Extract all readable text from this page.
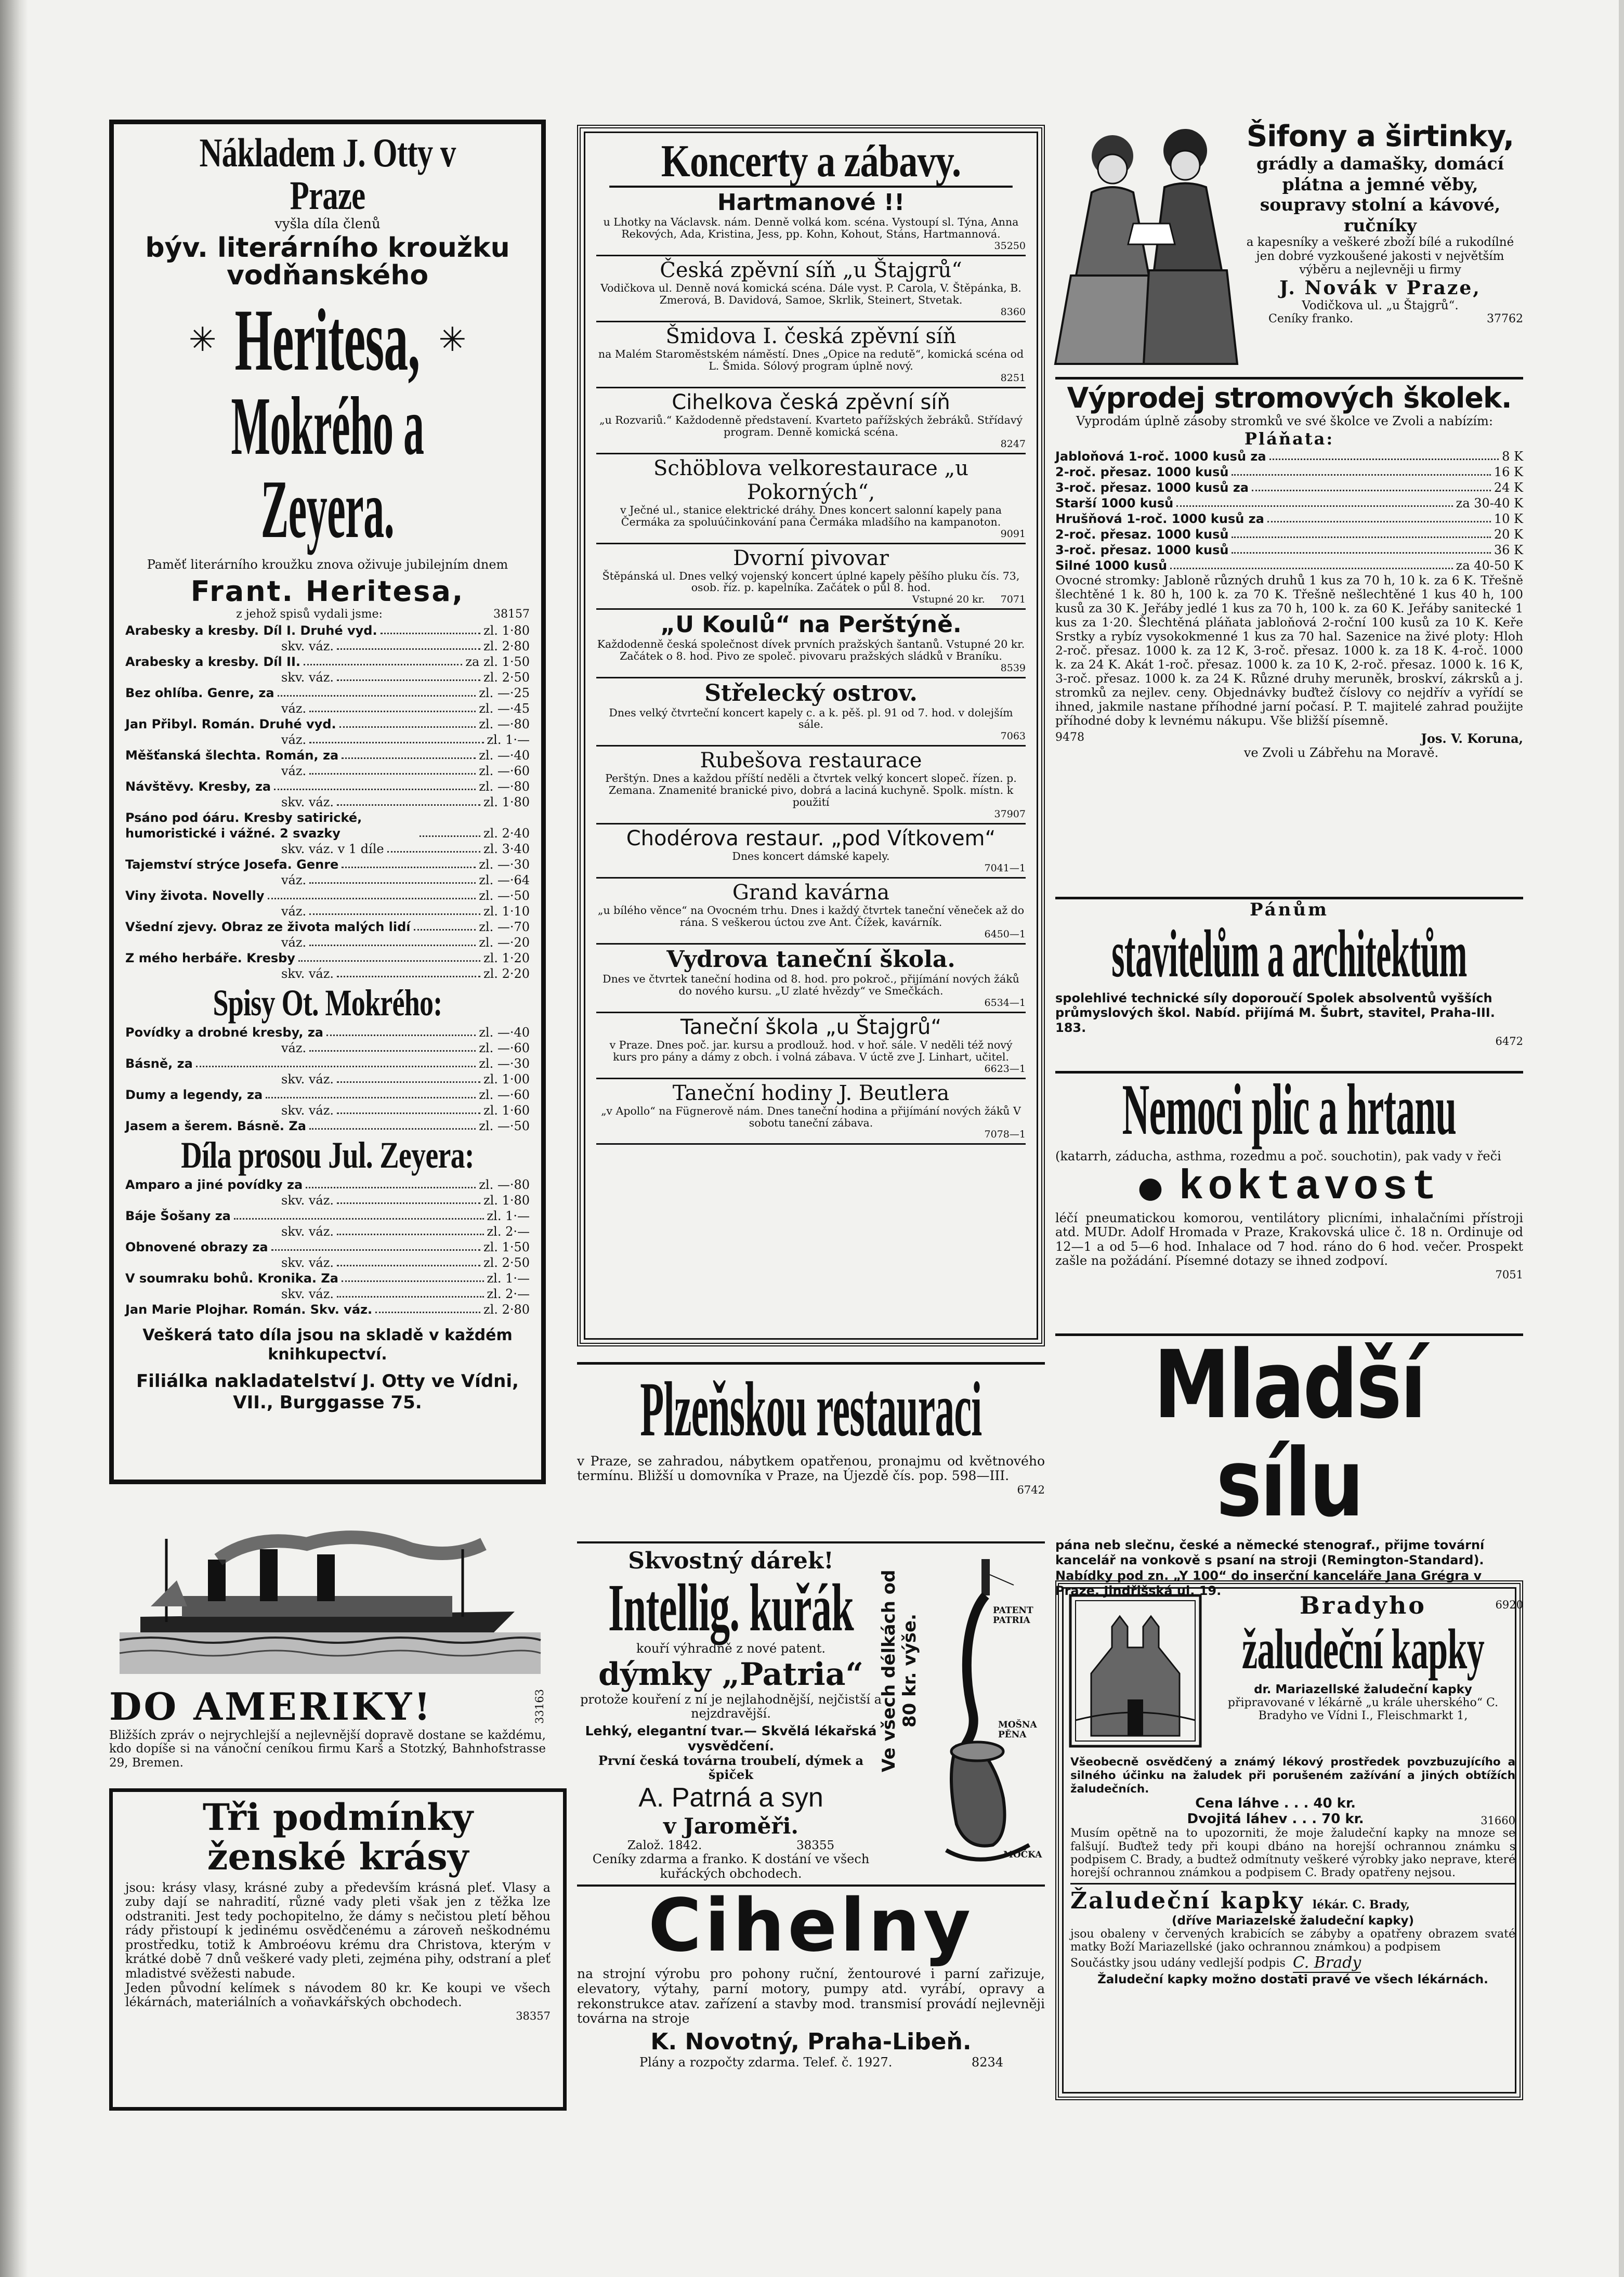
Nákladem J. Otty v Praze
vyšla díla členů
býv. literárního kroužku vodňanského
✳ Heritesa, ✳
Mokrého a Zeyera.
Paměť literárního kroužku znova oživuje jubilejním dnem
Frant. Heritesa,
z jehož spisů vydali jsme:	38157
Arabesky a kresby. Díl I. Druhé vyd.	zl. 1·80
skv. váz.	zl. 2·80
Arabesky a kresby. Díl II.	za zl. 1·50
skv. váz.	zl. 2·50
Bez ohlíba. Genre, za	zl. —·25
váz.	zl. —·45
Jan Přibyl. Román. Druhé vyd.	zl. —·80
váz.	zl. 1·—
Měšťanská šlechta. Román, za	zl. —·40
váz.	zl. —·60
Návštěvy. Kresby, za	zl. —·80
skv. váz.	zl. 1·80
Psáno pod óáru. Kresby satirické, humoristické i vážné. 2 svazky	zl. 2·40
skv. váz. v 1 díle	zl. 3·40
Tajemství strýce Josefa. Genre	zl. —·30
váz.	zl. —·64
Viny života. Novelly	zl. —·50
váz.	zl. 1·10
Všední zjevy. Obraz ze života malých lidí	zl. —·70
váz.	zl. —·20
Z mého herbáře. Kresby	zl. 1·20
skv. váz.	zl. 2·20
Spisy Ot. Mokrého:
Povídky a drobné kresby, za	zl. —·40
váz.	zl. —·60
Básně, za	zl. —·30
skv. váz.	zl. 1·00
Dumy a legendy, za	zl. —·60
skv. váz.	zl. 1·60
Jasem a šerem. Básně. Za	zl. —·50
Díla prosou Jul. Zeyera:
Amparo a jiné povídky za	zl. —·80
skv. váz.	zl. 1·80
Báje Šošany za	zl. 1·—
skv. váz.	zl. 2·—
Obnovené obrazy za	zl. 1·50
skv. váz.	zl. 2·50
V soumraku bohů. Kronika. Za	zl. 1·—
skv. váz.	zl. 2·—
Jan Marie Plojhar. Román. Skv. váz.	zl. 2·80
Veškerá tato díla jsou na skladě v každém knihkupectví.
Filiálka nakladatelství J. Otty ve Vídni, VII., Burggasse 75.
DO AMERIKY!	33163
Bližších zpráv o nejrychlejší a nejlevnější dopravě dostane se každému, kdo dopíše si na vánoční ceníkou firmu Karš a Stotzký, Bahnhofstrasse 29, Bremen.
Tři podmínky
ženské krásy
jsou: krásy vlasy, krásné zuby a především krásná pleť. Vlasy a zuby dají se nahradití, různé vady pleti však jen z těžka lze odstraniti. Jest tedy pochopitelno, že dámy s nečistou pletí běhou rády přistoupí k jedinému osvědčenému a zároveň neškodnému prostředku, totiž k Ambroéovu krému dra Christova, kterým v krátké době 7 dnů veškeré vady pleti, zejména pihy, odstraní a pleť mladistvé svěžesti nabude.
Jeden původní kelímek s návodem 80 kr. Ke koupi ve všech lékárnách, materiálních a voňavkářských obchodech.
38357
Koncerty a zábavy.
Hartmanové !!
u Lhotky na Václavsk. nám. Denně volká kom. scéna. Vystoupí sl. Týna, Anna Rekových, Ada, Kristina, Jess, pp. Kohn, Kohout, Stáns, Hartmannová.
35250
Česká zpěvní síň „u Štajgrů“
Vodičkova ul. Denně nová komická scéna. Dále vyst. P. Carola, V. Štěpánka, B. Zmerová, B. Davidová, Samoe, Skrlik, Steinert, Stvetak.
8360
Šmidova I. česká zpěvní síň
na Malém Staroměstském náměstí. Dnes „Opice na redutě“, komická scéna od L. Šmida. Sólový program úplně nový.
8251
Cihelkova česká zpěvní síň
„u Rozvariů.“ Každodenně představení. Kvarteto pařížských žebráků. Střídavý program. Denně komická scéna.
8247
Schöblova velkorestaurace „u Pokorných“,
v Ječné ul., stanice elektrické dráhy. Dnes koncert salonní kapely pana Čermáka za spoluúčinkování pana Čermáka mladšího na kampanoton.
9091
Dvorní pivovar
Štěpánská ul. Dnes velký vojenský koncert úplné kapely pěšího pluku čís. 73, osob. říz. p. kapelníka. Začátek o půl 8. hod.
Vstupné 20 kr. 7071
„U Koulů“ na Perštýně.
Každodenně česká společnost dívek prvních pražských šantanů. Vstupné 20 kr. Začátek o 8. hod. Pivo ze společ. pivovaru pražských sládků v Braníku.
8539
Střelecký ostrov.
Dnes velký čtvrteční koncert kapely c. a k. pěš. pl. 91 od 7. hod. v dolejším sále.
7063
Rubešova restaurace
Perštýn. Dnes a každou příští neděli a čtvrtek velký koncert slopeč. řízen. p. Zemana. Znamenité branické pivo, dobrá a laciná kuchyně. Spolk. místn. k použití
37907
Chodérova restaur. „pod Vítkovem“
Dnes koncert dámské kapely.
7041—1
Grand kavárna
„u bílého věnce“ na Ovocném trhu. Dnes i každý čtvrtek taneční věneček až do rána. S veškerou úctou zve Ant. Čížek, kavárník.
6450—1
Vydrova taneční škola.
Dnes ve čtvrtek taneční hodina od 8. hod. pro pokroč., přijímání nových žáků do nového kursu. „U zlaté hvězdy“ ve Smečkách.
6534—1
Taneční škola „u Štajgrů“
v Praze. Dnes poč. jar. kursu a prodlouž. hod. v hoř. sále. V neděli též nový kurs pro pány a dámy z obch. i volná zábava. V úctě zve J. Linhart, učitel.
6623—1
Taneční hodiny J. Beutlera
„v Apollo“ na Fügnerově nám. Dnes taneční hodina a přijímání nových žáků V sobotu taneční zábava.
7078—1
Plzeňskou restauraci
v Praze, se zahradou, nábytkem opatřenou, pronajmu od květnového termínu. Bližší u domovníka v Praze, na Újezdě čís. pop. 598—III.
6742
Skvostný dárek!
Intellig. kuřák
kouří výhradně z nové patent.
dýmky „Patria“
protože kouření z ní je nejlahodnější, nejčistší a nejzdravější.
Lehký, elegantní tvar.— Skvělá lékařská vysvědčení.
První česká továrna troubelí, dýmek a špiček
A. Patrná a syn
v Jaroměři.
Založ. 1842.	38355
Ceníky zdarma a franko. K dostání ve všech kuřáckých obchodech.
Ve všech délkách od 80 kr. výše.
PATENT PATRIA
MOŠNA PĚNA
MOČKA
Cihelny
na strojní výrobu pro pohony ruční, žentourové i parní zařizuje, elevatory, výtahy, parní motory, pumpy atd. vyrábí, opravy a rekonstrukce atav. zařízení a stavby mod. transmisí provádí nejlevněji továrna na stroje
K. Novotný, Praha-Libeň.
Plány a rozpočty zdarma. Telef. č. 1927.	8234
Šifony a širtinky,
grádly a damašky, domácí plátna a jemné věby, soupravy stolní a kávové, ručníky
a kapesníky a veškeré zboží bílé a rukodílné jen dobré vyzkoušené jakosti v největším výběru a nejlevněji u firmy
J. Novák v Praze,
Vodičkova ul. „u Štajgrů“.
Ceníky franko.	37762
Výprodej stromových školek.
Vyprodám úplně zásoby stromků ve své školce ve Zvoli a nabízím:
Pláňata:
Jabloňová 1-roč. 1000 kusů za	8 K
2-roč. přesaz. 1000 kusů	16 K
3-roč. přesaz. 1000 kusů za	24 K
Starší 1000 kusů	za 30-40 K
Hrušňová 1-roč. 1000 kusů za	10 K
2-roč. přesaz. 1000 kusů	20 K
3-roč. přesaz. 1000 kusů	36 K
Silné 1000 kusů	za 40-50 K
Ovocné stromky: Jabloně různých druhů 1 kus za 70 h, 10 k. za 6 K. Třešně šlechtěné 1 k. 80 h, 100 k. za 70 K. Třešně nešlechtěné 1 kus 40 h, 100 kusů za 30 K. Jeřáby jedlé 1 kus za 70 h, 100 k. za 60 K. Jeřáby sanitecké 1 kus za 1·20. Šlechtěná pláňata jabloňová 2-roční 100 kusů za 10 K. Keře Srstky a rybíz vysokokmenné 1 kus za 70 hal. Sazenice na živé ploty: Hloh 2-roč. přesaz. 1000 k. za 12 K, 3-roč. přesaz. 1000 k. za 18 K. 4-roč. 1000 k. za 24 K. Akát 1-roč. přesaz. 1000 k. za 10 K, 2-roč. přesaz. 1000 k. 16 K, 3-roč. přesaz. 1000 k. za 24 K. Různé druhy meruněk, broskví, zákrsků a j. stromků za nejlev. ceny. Objednávky buďtež číslovy co nejdřív a vyřídí se ihned, jakmile nastane příhodné jarní počasí. P. T. majitelé zahrad použijte příhodné doby k levnému nákupu. Vše bližší písemně.
9478	Jos. V. Koruna,
ve Zvoli u Zábřehu na Moravě.
Pánům
stavitelům a architektům
spolehlivé technické síly doporoučí Spolek absolventů vyšších průmyslových škol. Nabíd. přijímá M. Šubrt, stavitel, Praha-III. 183.
6472
Nemoci plic a hrtanu
(katarrh, záducha, asthma, rozedmu a poč. souchotin), pak vady v řeči
● koktavost
léčí pneumatickou komorou, ventilátory plicními, inhalačními přístroji atd. MUDr. Adolf Hromada v Praze, Krakovská ulice č. 18 n. Ordinuje od 12—1 a od 5—6 hod. Inhalace od 7 hod. ráno do 6 hod. večer. Prospekt zašle na požádání. Písemné dotazy se ihned zodpoví.
7051
Mladší sílu
pána neb slečnu, české a německé stenograf., přijme tovární kancelář na vonkově s psaní na stroji (Remington-Standard). Nabídky pod zn. „Y 100“ do inserční kanceláře Jana Grégra v Praze, Jindřišská ul. 19.
6920
Bradyho
žaludeční kapky
dr. Mariazellské žaludeční kapky
připravované v lékárně „u krále uherského“ C. Bradyho ve Vídni I., Fleischmarkt 1,
Všeobecně osvědčený a známý lékový prostředek povzbuzujícího a silného účinku na žaludek při porušeném zažívání a jiných obtížích žaludečních.
Cena láhve . . . 40 kr.
Dvojitá láhev . . . 70 kr.	31660
Musím opětně na to upozorniti, že moje žaludeční kapky na mnoze se falšují. Buďtež tedy při koupi dbáno na horejší ochrannou známku s podpisem C. Brady, a budtež odmítnuty veškeré výrobky jako neprave, které horejší ochrannou známkou a podpisem C. Brady opatřeny nejsou.
Žaludeční kapky lékár. C. Brady,
(dříve Mariazelské žaludeční kapky)
jsou obaleny v červených krabicích se zábyby a opatřeny obrazem svaté matky Boží Mariazellské (jako ochrannou známkou) a podpisem
Součástky jsou udány vedlejší podpis C. Brady
Žaludeční kapky možno dostati pravé ve všech lékárnách.
